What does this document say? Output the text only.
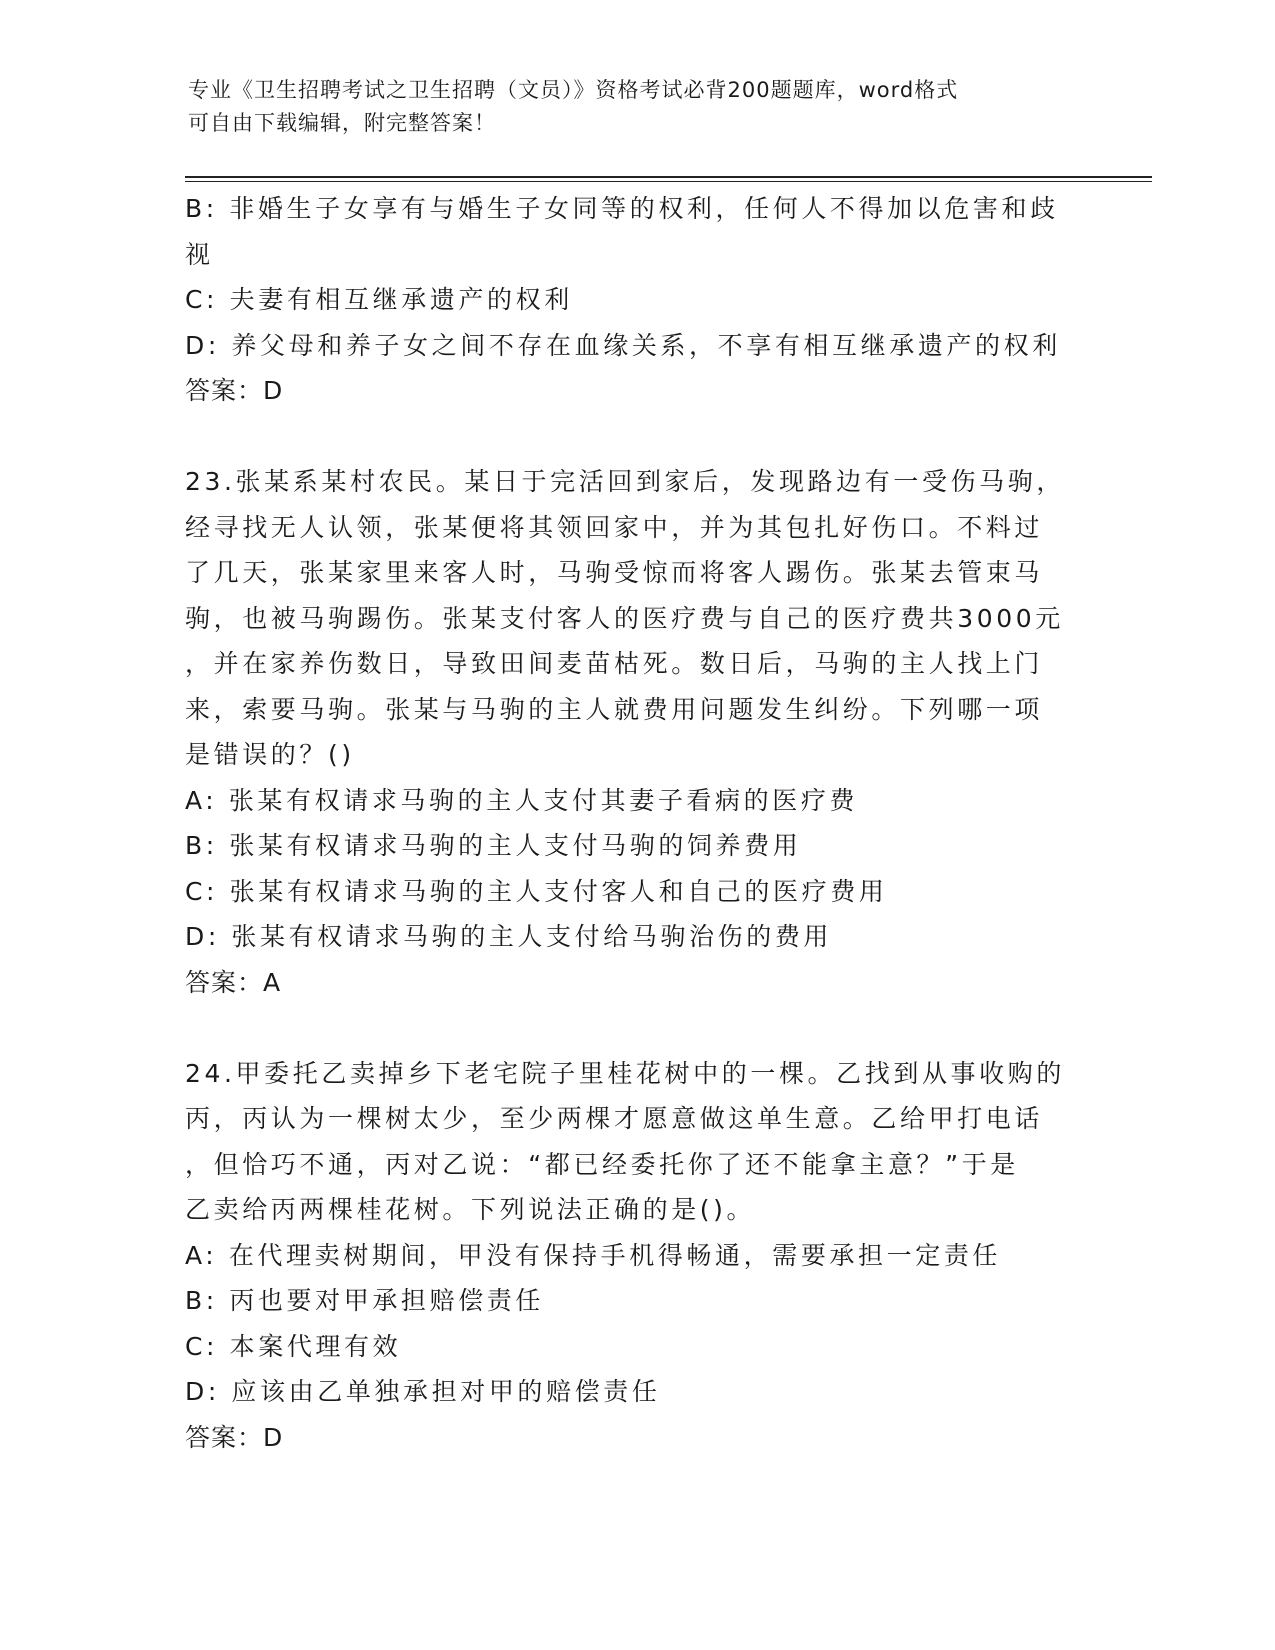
专业《卫生招聘考试之卫生招聘（文员）》资格考试必背200题题库，word格式
可自由下载编辑，附完整答案！
B: 非婚生子女享有与婚生子女同等的权利，任何人不得加以危害和歧
视
C: 夫妻有相互继承遗产的权利
D: 养父母和养子女之间不存在血缘关系，不享有相互继承遗产的权利
答案：D
23.张某系某村农民。某日于完活回到家后，发现路边有一受伤马驹，
经寻找无人认领，张某便将其领回家中，并为其包扎好伤口。不料过
了几天，张某家里来客人时，马驹受惊而将客人踢伤。张某去管束马
驹，也被马驹踢伤。张某支付客人的医疗费与自己的医疗费共3000元
，并在家养伤数日，导致田间麦苗枯死。数日后，马驹的主人找上门
来，索要马驹。张某与马驹的主人就费用问题发生纠纷。下列哪一项
是错误的？()
A: 张某有权请求马驹的主人支付其妻子看病的医疗费
B: 张某有权请求马驹的主人支付马驹的饲养费用
C: 张某有权请求马驹的主人支付客人和自己的医疗费用
D: 张某有权请求马驹的主人支付给马驹治伤的费用
答案：A
24.甲委托乙卖掉乡下老宅院子里桂花树中的一棵。乙找到从事收购的
丙，丙认为一棵树太少，至少两棵才愿意做这单生意。乙给甲打电话
，但恰巧不通，丙对乙说：“都已经委托你了还不能拿主意？”于是
乙卖给丙两棵桂花树。下列说法正确的是()。
A: 在代理卖树期间，甲没有保持手机得畅通，需要承担一定责任
B: 丙也要对甲承担赔偿责任
C: 本案代理有效
D: 应该由乙单独承担对甲的赔偿责任
答案：D
